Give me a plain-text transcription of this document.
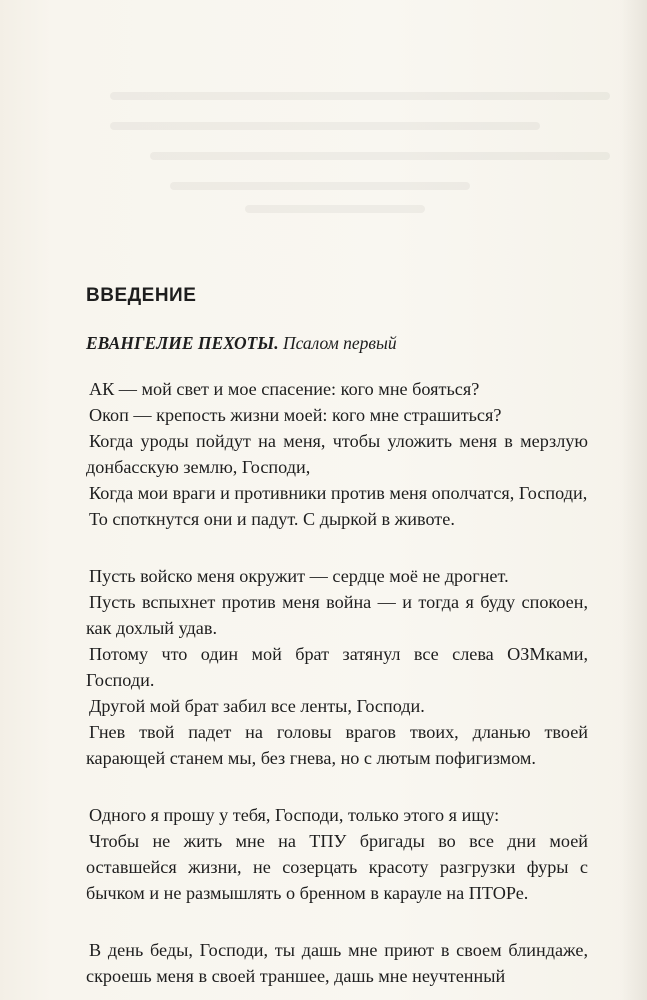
ВВЕДЕНИЕ
ЕВАНГЕЛИЕ ПЕХОТЫ. Псалом первый

АК — мой свет и мое спасение: кого мне бояться?

Окоп — крепость жизни моей: кого мне страшиться?

Когда уроды пойдут на меня, чтобы уложить меня в мерзлую донбасскую землю, Господи,

Когда мои враги и противники против меня ополчатся, Господи,

То споткнутся они и падут. С дыркой в животе.

Пусть войско меня окружит — сердце моё не дрогнет.

Пусть вспыхнет против меня война — и тогда я буду спокоен, как дохлый удав.

Потому что один мой брат затянул все слева ОЗМками, Господи.

Другой мой брат забил все ленты, Господи.

Гнев твой падет на головы врагов твоих, дланью твоей карающей станем мы, без гнева, но с лютым пофигизмом.

Одного я прошу у тебя, Господи, только этого я ищу:

Чтобы не жить мне на ТПУ бригады во все дни моей оставшейся жизни, не созерцать красоту разгрузки фуры с бычком и не размышлять о бренном в карауле на ПТОРе.

В день беды, Господи, ты дашь мне приют в своем блиндаже, скроешь меня в своей траншее, дашь мне неучтенный
